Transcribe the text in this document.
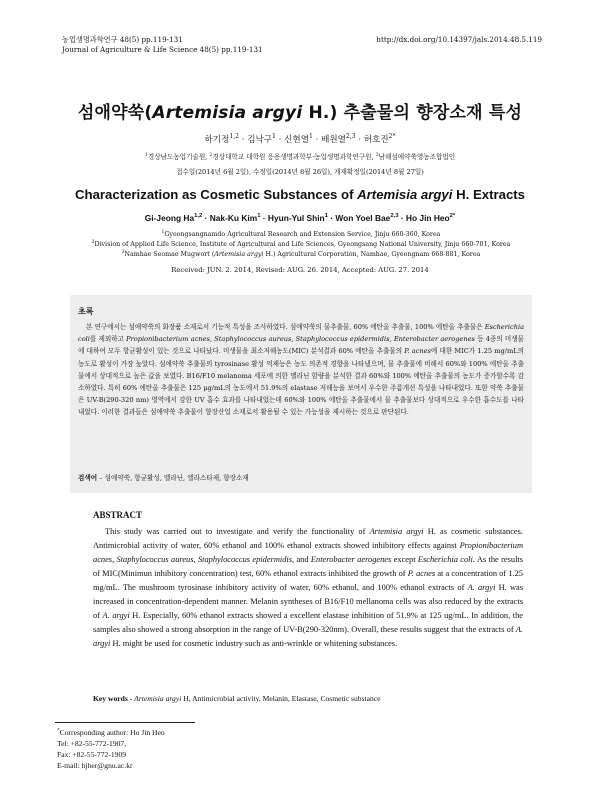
농업생명과학연구 48(5) pp.119-131
Journal of Agriculture & Life Science 48(5) pp.119-131
http://dx.doi.org/10.14397/jals.2014.48.5.119
섬애약쑥(Artemisia argyi H.) 추출물의 향장소재 특성
하기정$^{1,2}$ · 김낙구$^1$ · 신현열$^1$ · 배원열$^{2,3}$ · 허호진$^{2*}$
$^1$경상남도농업기술원, $^2$경상대학교 대학원 응용생명과학부·농업생명과학연구원, $^3$남해섬애약쑥영농조합법인
접수일(2014년 6월 2일), 수정일(2014년 8월 26일), 게재확정일(2014년 8월 27일)
Characterization as Cosmetic Substances of Artemisia argyi H. Extracts
Gi-Jeong Ha$^{1,2}$ · Nak-Ku Kim$^1$ · Hyun-Yul Shin$^1$ · Won Yoel Bae$^{2,3}$ · Ho Jin Heo$^{2*}$
$^1$Gyeongsangnamdo Agricultural Research and Extension Service, Jinju 660-360, Korea
$^2$Division of Applied Life Science, Institute of Agricultural and Life Sciences, Gyeongsang National University, Jinju 660-701, Korea
$^3$Namhae Seomae Mugwort (Artemisia argyi H.) Agricultural Corporation, Namhae, Gyeongnam 668-881, Korea
Received: JUN. 2. 2014, Revised: AUG. 26. 2014, Accepted: AUG. 27. 2014
초록
본 연구에서는 섬애약쑥의 화장품 소재로서 기능적 특성을 조사하였다. 섬애약쑥의 물추출물, 60% 에탄올 추출물, 100% 에탄올 추출물은 Escherichia coli를 제외하고 Propionibacterium acnes, Staphylococcus aureus, Staphylococcus epidermidis, Enterobacter aerogenes 등 4종의 미생물에 대하여 모두 항균활성이 있는 것으로 나타났다. 미생물을 최소저해농도(MIC) 분석결과 60% 에탄올 추출물의 P. acnes에 대한 MIC가 1.25 mg/mL의 농도로 활성이 가장 높았다. 섬애약쑥 추출물의 tyrosinase 활성 억제능은 농도 의존적 경향을 나타냈으며, 물 추출물에 비해서 60%와 100% 에탄올 추출물에서 상대적으로 높은 값을 보였다. B16/F10 melanoma 세포에 의한 멜라닌 함량을 분석한 결과 60%와 100% 에탄올 추출물의 농도가 증가할수록 감소하였다. 특히 60% 에탄올 추출물은 125 μg/mL의 농도에서 51.9%의 elastase 저해능을 보여서 우수한 주름개선 특성을 나타내었다. 또한 약쑥 추출물은 UV-B(290-320 nm) 영역에서 강한 UV 흡수 효과를 나타내었는데 60%와 100% 에탄올 추출물에서 물 추출물보다 상대적으로 우수한 흡수도를 나타내었다. 이러한 결과들은 섬애약쑥 추출물이 향장산업 소재로서 활용될 수 있는 가능성을 제시하는 것으로 판단된다.
검색어 – 섬애약쑥, 항균활성, 멜라닌, 엘라스타제, 향장소재
ABSTRACT
This study was carried out to investigate and verify the functionality of Artemisia argyi H. as cosmetic substances. Antimicrobial activity of water, 60% ethanol and 100% ethanol extracts showed inhibitory effects against Propionibacterium acnes, Staphylococcus aureus, Staphylococcus epidermidis, and Enterobacter aerogenes except Escherichia coli. As the results of MIC(Minimun inhibitory concentration) test, 60% ethanol extracts inhibited the growth of P. acnes at a concentration of 1.25 mg/mL. The mushroom tyrosinase inhibitory activity of water, 60% ethanol, and 100% ethanol extracts of A. argyi H. was increased in concentration-dependent manner. Melanin syntheses of B16/F10 mellanoma cells was also reduced by the extracts of A. argyi H. Especially, 60% ethanol extracts showed a excellent elastase inhibition of 51.9% at 125 ug/mL. In addition, the samples also showed a strong absorption in the range of UV-B(290-320nm). Overall, these results suggest that the extracts of A. argyi H. might be used for cosmetic industry such as anti-wrinkle or whitening substances.
Key words - Artemisia argyi H, Antimicrobial activity, Melanin, Elastase, Cosmetic substance
*Corresponding author: Ho Jin Heo
Tel: +82-55-772-1907,
Fax: +82-55-772-1909
E-mail: hjher@gnu.ac.kr
